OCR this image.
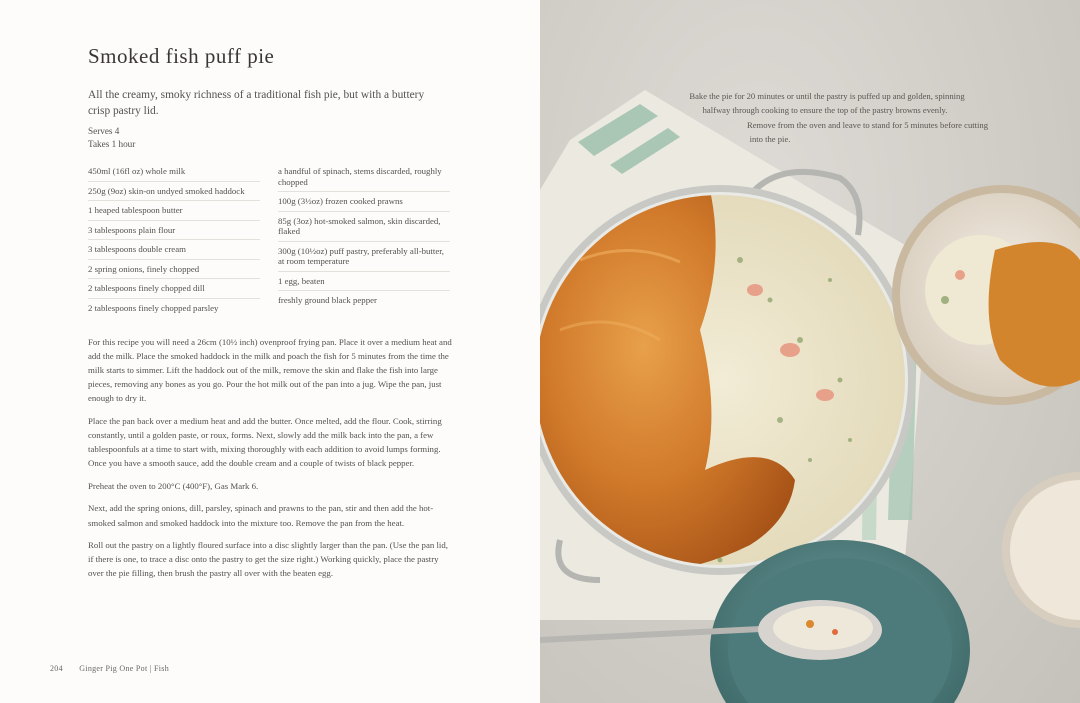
Smoked fish puff pie

All the creamy, smoky richness of a traditional fish pie, but with a buttery crisp pastry lid.

Serves 4
Takes 1 hour
450ml (16fl oz) whole milk
250g (9oz) skin-on undyed smoked haddock
1 heaped tablespoon butter
3 tablespoons plain flour
3 tablespoons double cream
2 spring onions, finely chopped
2 tablespoons finely chopped dill
2 tablespoons finely chopped parsley
a handful of spinach, stems discarded, roughly chopped
100g (3½oz) frozen cooked prawns
85g (3oz) hot-smoked salmon, skin discarded, flaked
300g (10½oz) puff pastry, preferably all-butter, at room temperature
1 egg, beaten
freshly ground black pepper

For this recipe you will need a 26cm (10½ inch) ovenproof frying pan. Place it over a medium heat and add the milk. Place the smoked haddock in the milk and poach the fish for 5 minutes from the time the milk starts to simmer. Lift the haddock out of the milk, remove the skin and flake the fish into large pieces, removing any bones as you go. Pour the hot milk out of the pan into a jug. Wipe the pan, just enough to dry it.

Place the pan back over a medium heat and add the butter. Once melted, add the flour. Cook, stirring constantly, until a golden paste, or roux, forms. Next, slowly add the milk back into the pan, a few tablespoonfuls at a time to start with, mixing thoroughly with each addition to avoid lumps forming. Once you have a smooth sauce, add the double cream and a couple of twists of black pepper.

Preheat the oven to 200°C (400°F), Gas Mark 6.

Next, add the spring onions, dill, parsley, spinach and prawns to the pan, stir and then add the hot-smoked salmon and smoked haddock into the mixture too. Remove the pan from the heat.

Roll out the pastry on a lightly floured surface into a disc slightly larger than the pan. (Use the pan lid, if there is one, to trace a disc onto the pastry to get the size right.) Working quickly, place the pastry over the pie filling, then brush the pastry all over with the beaten egg.

204 Ginger Pig One Pot | Fish
Bake the pie for 20 minutes or until the pastry is puffed up and golden, spinning
halfway through cooking to ensure the top of the pastry browns evenly.
Remove from the oven and leave to stand for 5 minutes before cutting
into the pie.
